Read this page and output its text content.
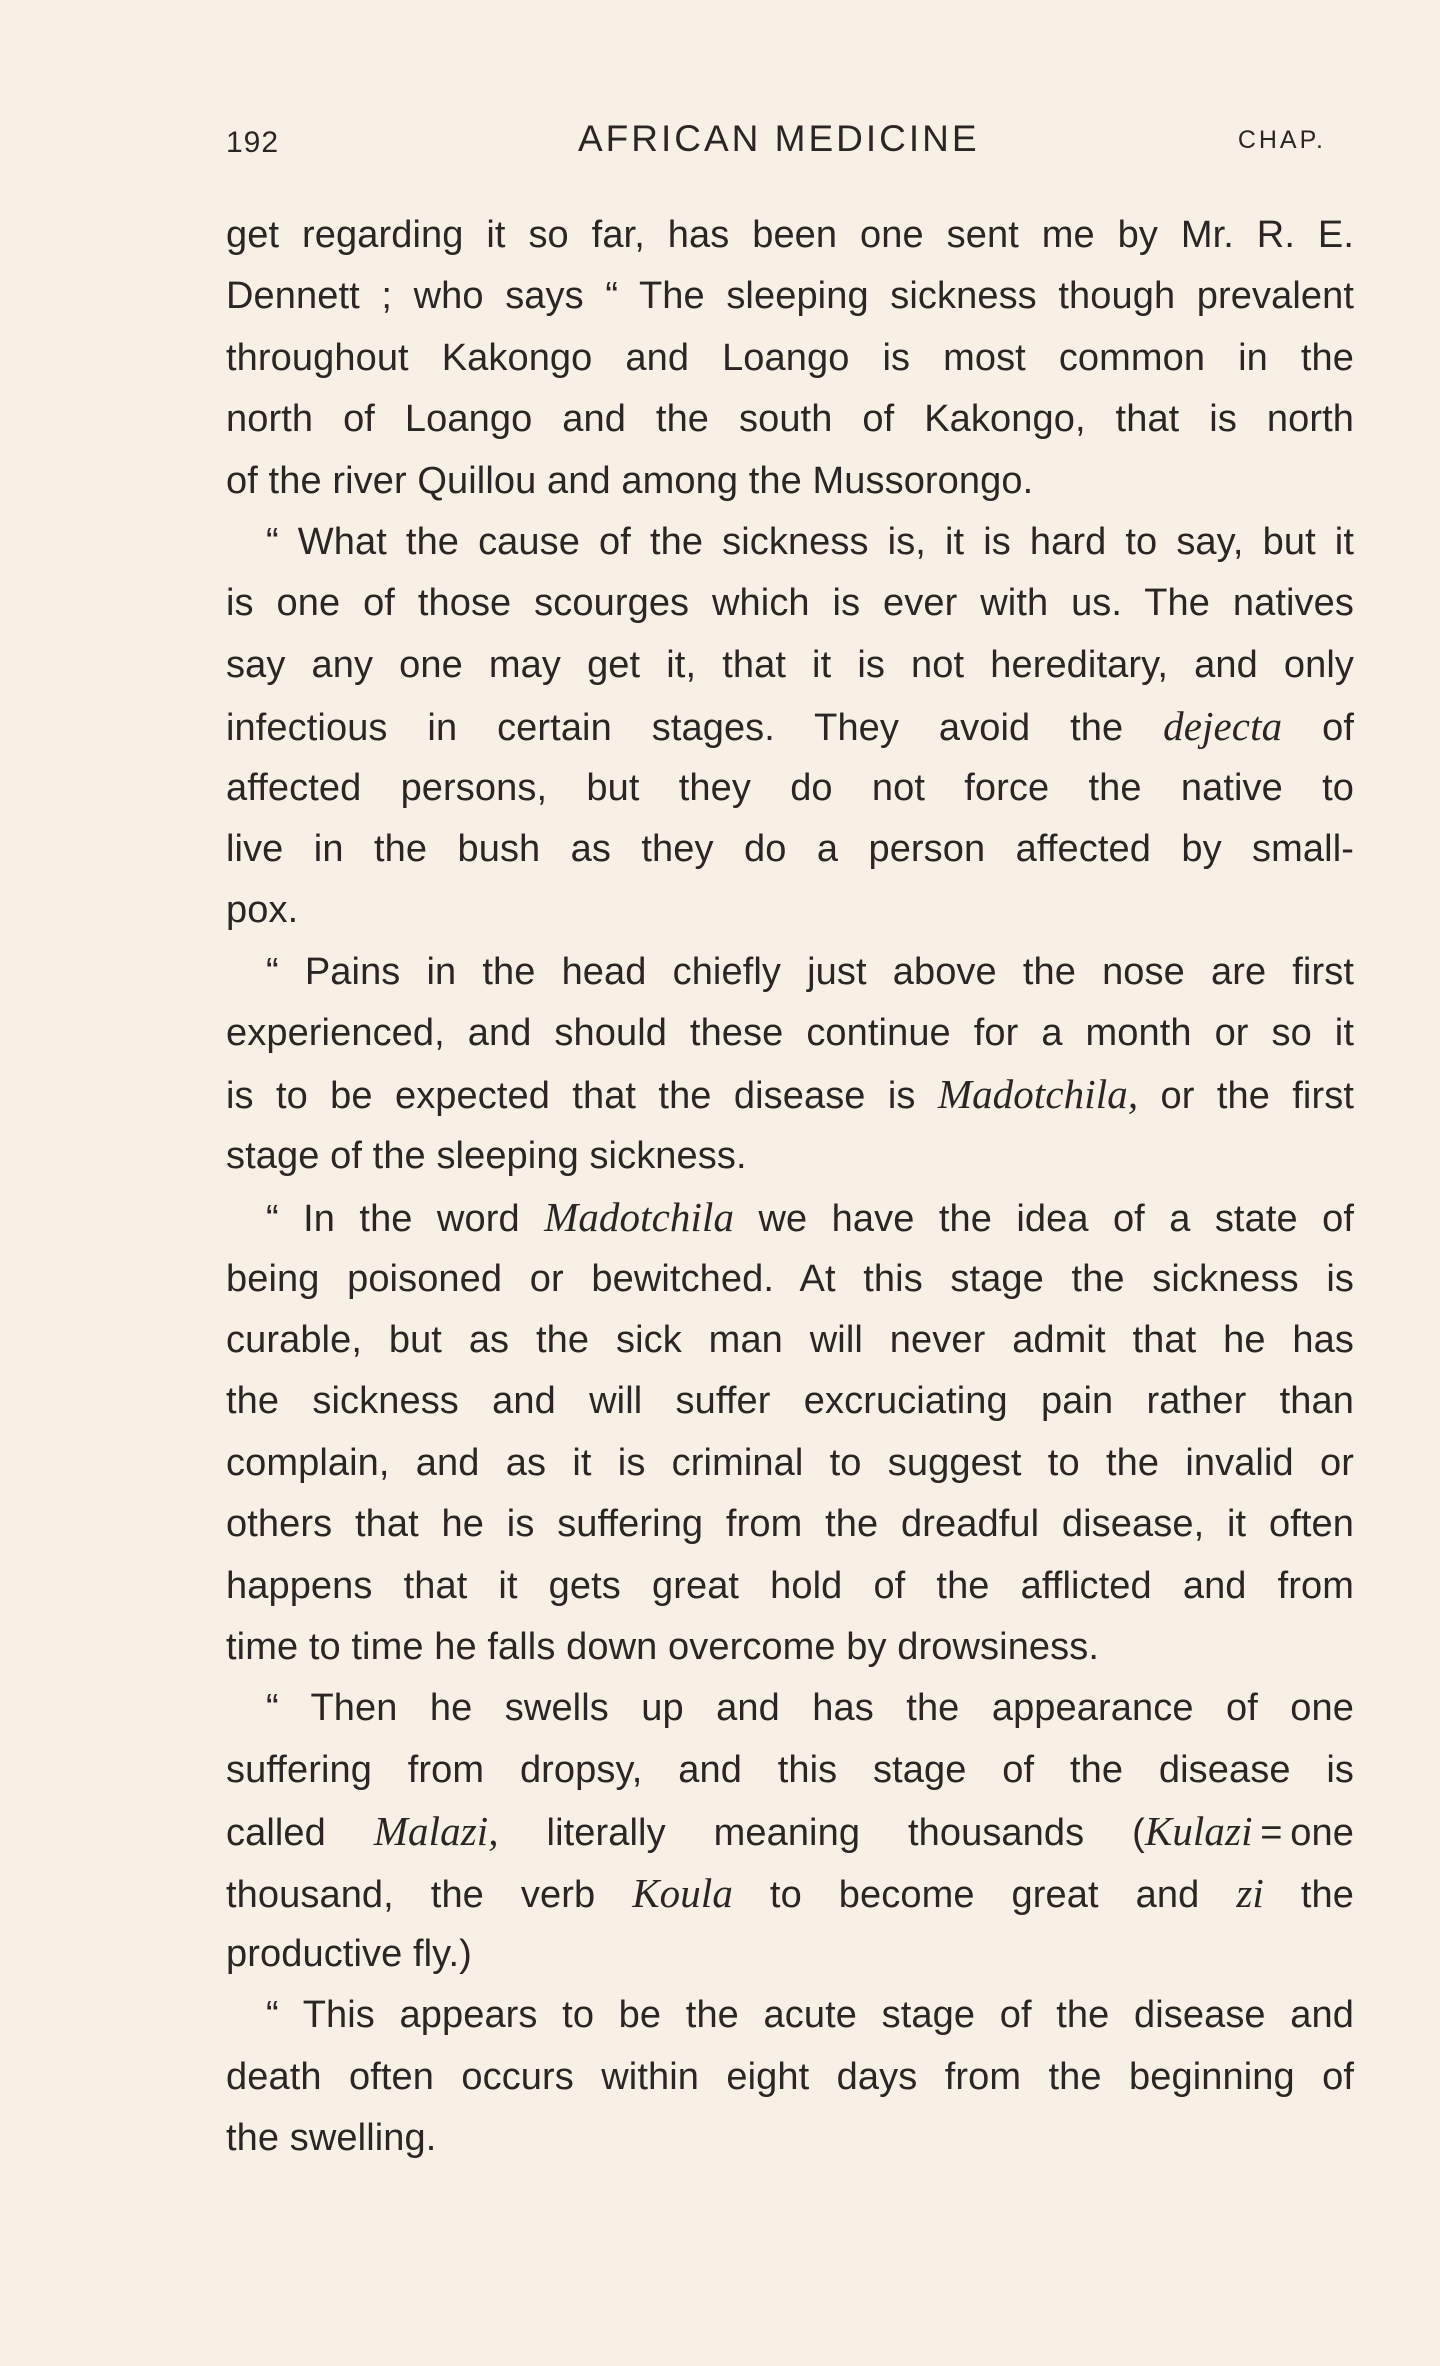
192	AFRICAN MEDICINE	CHAP.
get regarding it so far, has been one sent me by Mr. R. E.
Dennett ; who says “ The sleeping sickness though prevalent
throughout Kakongo and Loango is most common in the
north of Loango and the south of Kakongo, that is north
of the river Quillou and among the Mussorongo.
“ What the cause of the sickness is, it is hard to say, but it
is one of those scourges which is ever with us. The natives
say any one may get it, that it is not hereditary, and only
infectious in certain stages. They avoid the dejecta of
affected persons, but they do not force the native to
live in the bush as they do a person affected by small-
pox.
“ Pains in the head chiefly just above the nose are first
experienced, and should these continue for a month or so it
is to be expected that the disease is Madotchila, or the first
stage of the sleeping sickness.
“ In the word Madotchila we have the idea of a state of
being poisoned or bewitched. At this stage the sickness is
curable, but as the sick man will never admit that he has
the sickness and will suffer excruciating pain rather than
complain, and as it is criminal to suggest to the invalid or
others that he is suffering from the dreadful disease, it often
happens that it gets great hold of the afflicted and from
time to time he falls down overcome by drowsiness.
“ Then he swells up and has the appearance of one
suffering from dropsy, and this stage of the disease is
called Malazi, literally meaning thousands (Kulazi = one
thousand, the verb Koula to become great and zi the
productive fly.)
“ This appears to be the acute stage of the disease and
death often occurs within eight days from the beginning of
the swelling.
